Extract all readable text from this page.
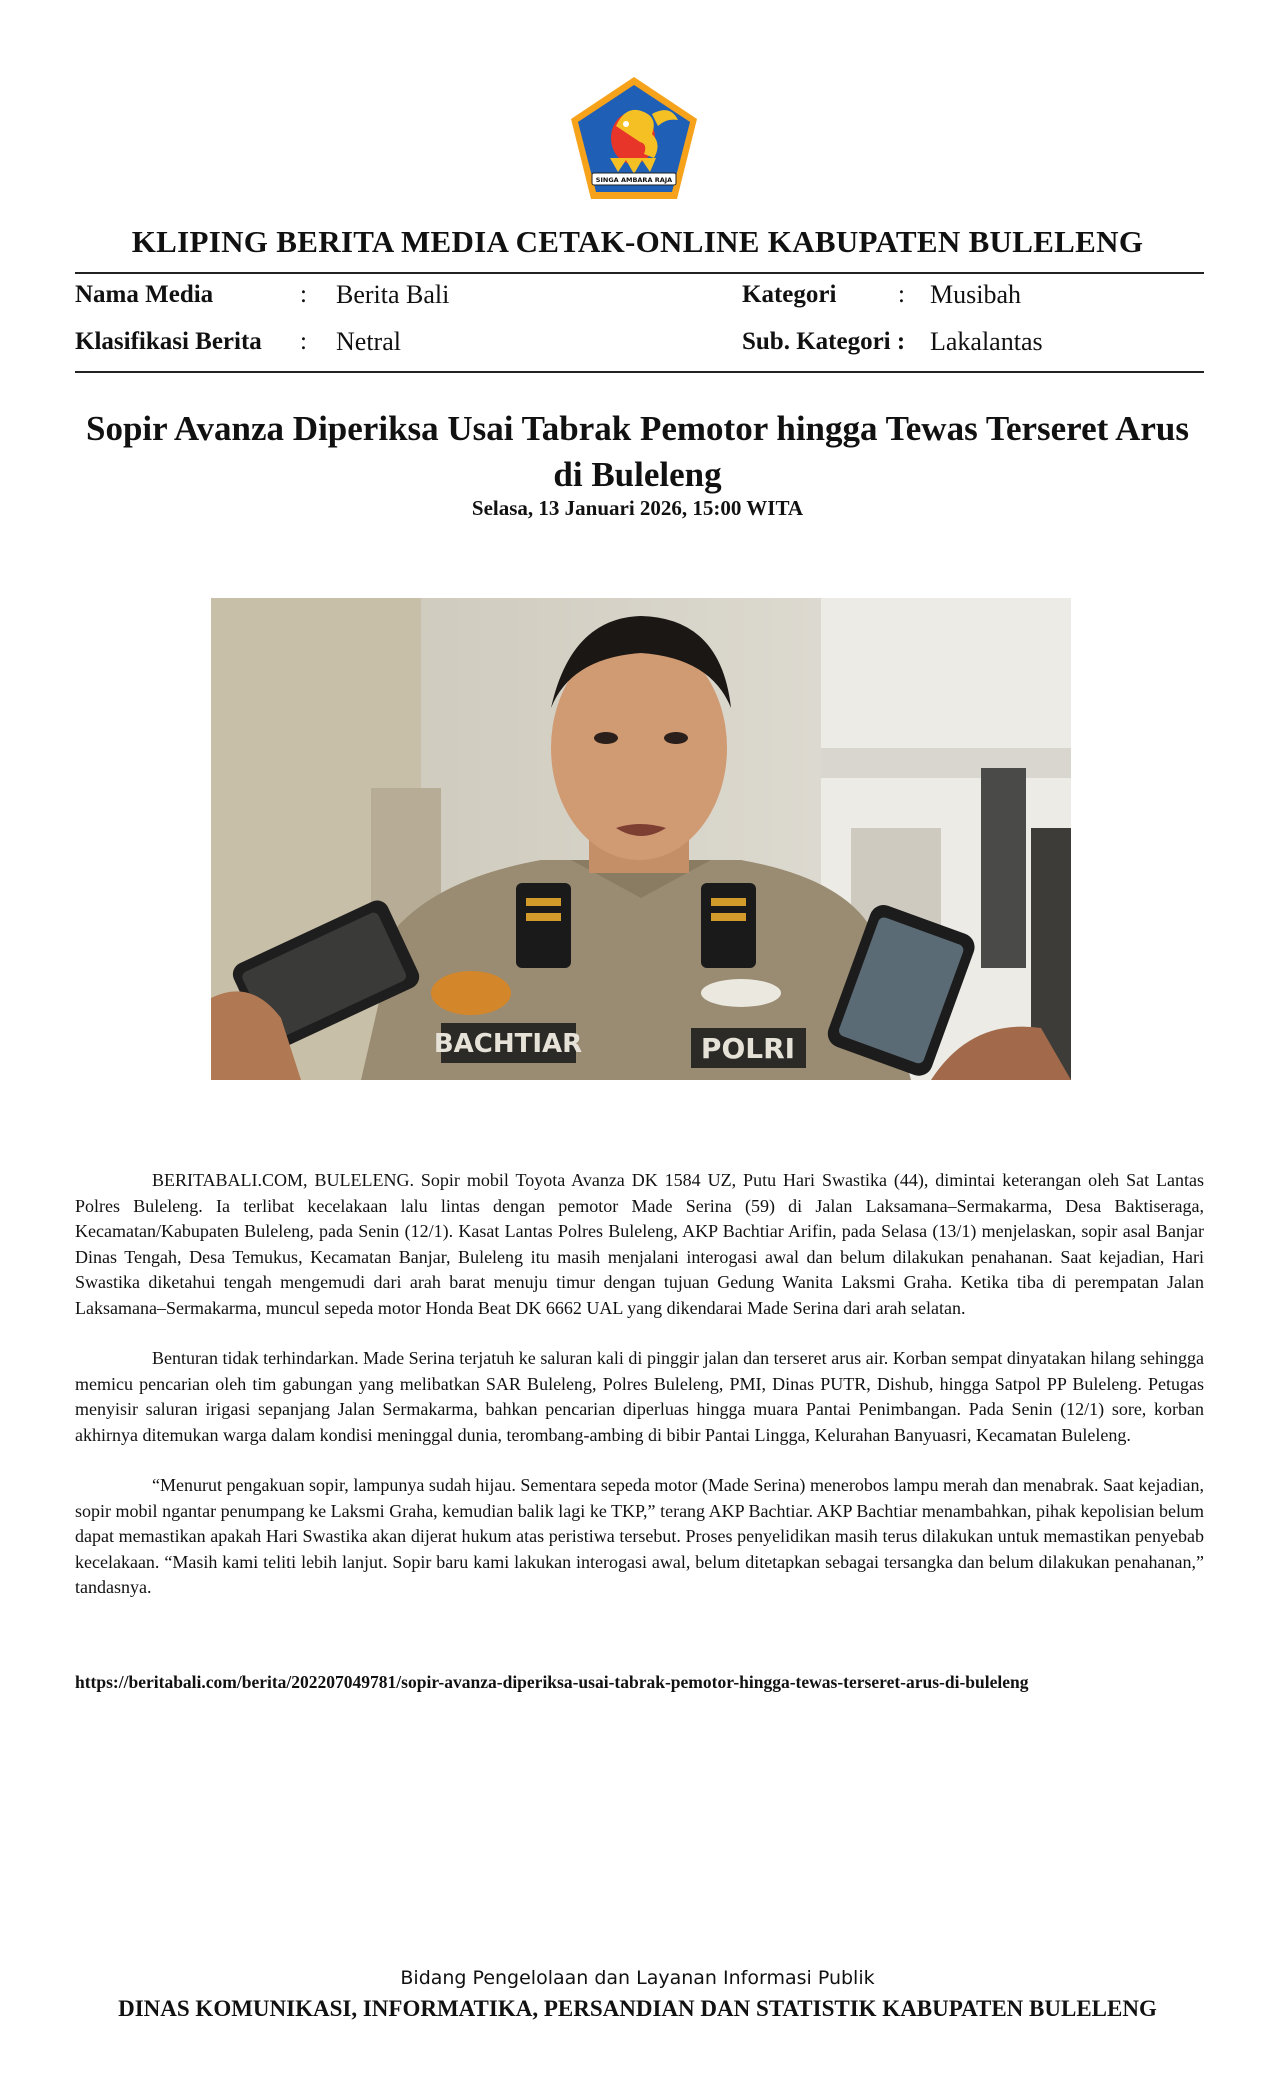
SINGA AMBARA RAJA
KLIPING BERITA MEDIA CETAK-ONLINE KABUPATEN BULELENG
Nama Media	: Berita Bali	Kategori : Musibah
Klasifikasi Berita : Netral	Sub. Kategori : Lakalantas
Sopir Avanza Diperiksa Usai Tabrak Pemotor hingga Tewas Terseret Arus di Buleleng
Selasa, 13 Januari 2026, 15:00 WITA
BACHTIAR	POLRI

BERITABALI.COM, BULELENG. Sopir mobil Toyota Avanza DK 1584 UZ, Putu Hari Swastika (44), dimintai keterangan oleh Sat Lantas Polres Buleleng. Ia terlibat kecelakaan lalu lintas dengan pemotor Made Serina (59) di Jalan Laksamana–Sermakarma, Desa Baktiseraga, Kecamatan/Kabupaten Buleleng, pada Senin (12/1). Kasat Lantas Polres Buleleng, AKP Bachtiar Arifin, pada Selasa (13/1) menjelaskan, sopir asal Banjar Dinas Tengah, Desa Temukus, Kecamatan Banjar, Buleleng itu masih menjalani interogasi awal dan belum dilakukan penahanan. Saat kejadian, Hari Swastika diketahui tengah mengemudi dari arah barat menuju timur dengan tujuan Gedung Wanita Laksmi Graha. Ketika tiba di perempatan Jalan Laksamana–Sermakarma, muncul sepeda motor Honda Beat DK 6662 UAL yang dikendarai Made Serina dari arah selatan.

Benturan tidak terhindarkan. Made Serina terjatuh ke saluran kali di pinggir jalan dan terseret arus air. Korban sempat dinyatakan hilang sehingga memicu pencarian oleh tim gabungan yang melibatkan SAR Buleleng, Polres Buleleng, PMI, Dinas PUTR, Dishub, hingga Satpol PP Buleleng. Petugas menyisir saluran irigasi sepanjang Jalan Sermakarma, bahkan pencarian diperluas hingga muara Pantai Penimbangan. Pada Senin (12/1) sore, korban akhirnya ditemukan warga dalam kondisi meninggal dunia, terombang-ambing di bibir Pantai Lingga, Kelurahan Banyuasri, Kecamatan Buleleng.

“Menurut pengakuan sopir, lampunya sudah hijau. Sementara sepeda motor (Made Serina) menerobos lampu merah dan menabrak. Saat kejadian, sopir mobil ngantar penumpang ke Laksmi Graha, kemudian balik lagi ke TKP,” terang AKP Bachtiar. AKP Bachtiar menambahkan, pihak kepolisian belum dapat memastikan apakah Hari Swastika akan dijerat hukum atas peristiwa tersebut. Proses penyelidikan masih terus dilakukan untuk memastikan penyebab kecelakaan. “Masih kami teliti lebih lanjut. Sopir baru kami lakukan interogasi awal, belum ditetapkan sebagai tersangka dan belum dilakukan penahanan,” tandasnya.

https://beritabali.com/berita/202207049781/sopir-avanza-diperiksa-usai-tabrak-pemotor-hingga-tewas-terseret-arus-di-buleleng
Bidang Pengelolaan dan Layanan Informasi Publik
DINAS KOMUNIKASI, INFORMATIKA, PERSANDIAN DAN STATISTIK KABUPATEN BULELENG
